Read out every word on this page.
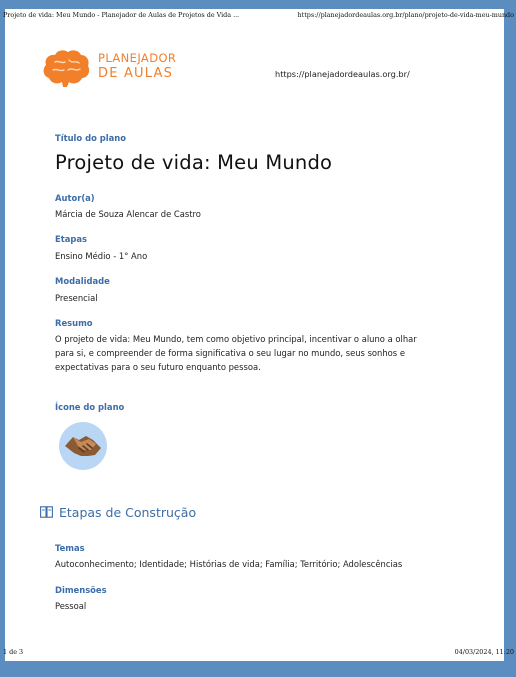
Projeto de vida: Meu Mundo - Planejador de Aulas de Projetos de Vida ...	https://planejadordeaulas.org.br/plano/projeto-de-vida-meu-mundo
PLANEJADOR
DE AULAS	https://planejadordeaulas.org.br/
Título do plano
Projeto de vida: Meu Mundo
Autor(a)
Márcia de Souza Alencar de Castro
Etapas
Ensino Médio - 1° Ano
Modalidade
Presencial
Resumo
O projeto de vida: Meu Mundo, tem como objetivo principal, incentivar o aluno a olhar para si, e compreender de forma significativa o seu lugar no mundo, seus sonhos e expectativas para o seu futuro enquanto pessoa.
Ícone do plano
Etapas de Construção
Temas
Autoconhecimento; Identidade; Histórias de vida; Família; Território; Adolescências
Dimensões
Pessoal
1 de 3	04/03/2024, 11:20
